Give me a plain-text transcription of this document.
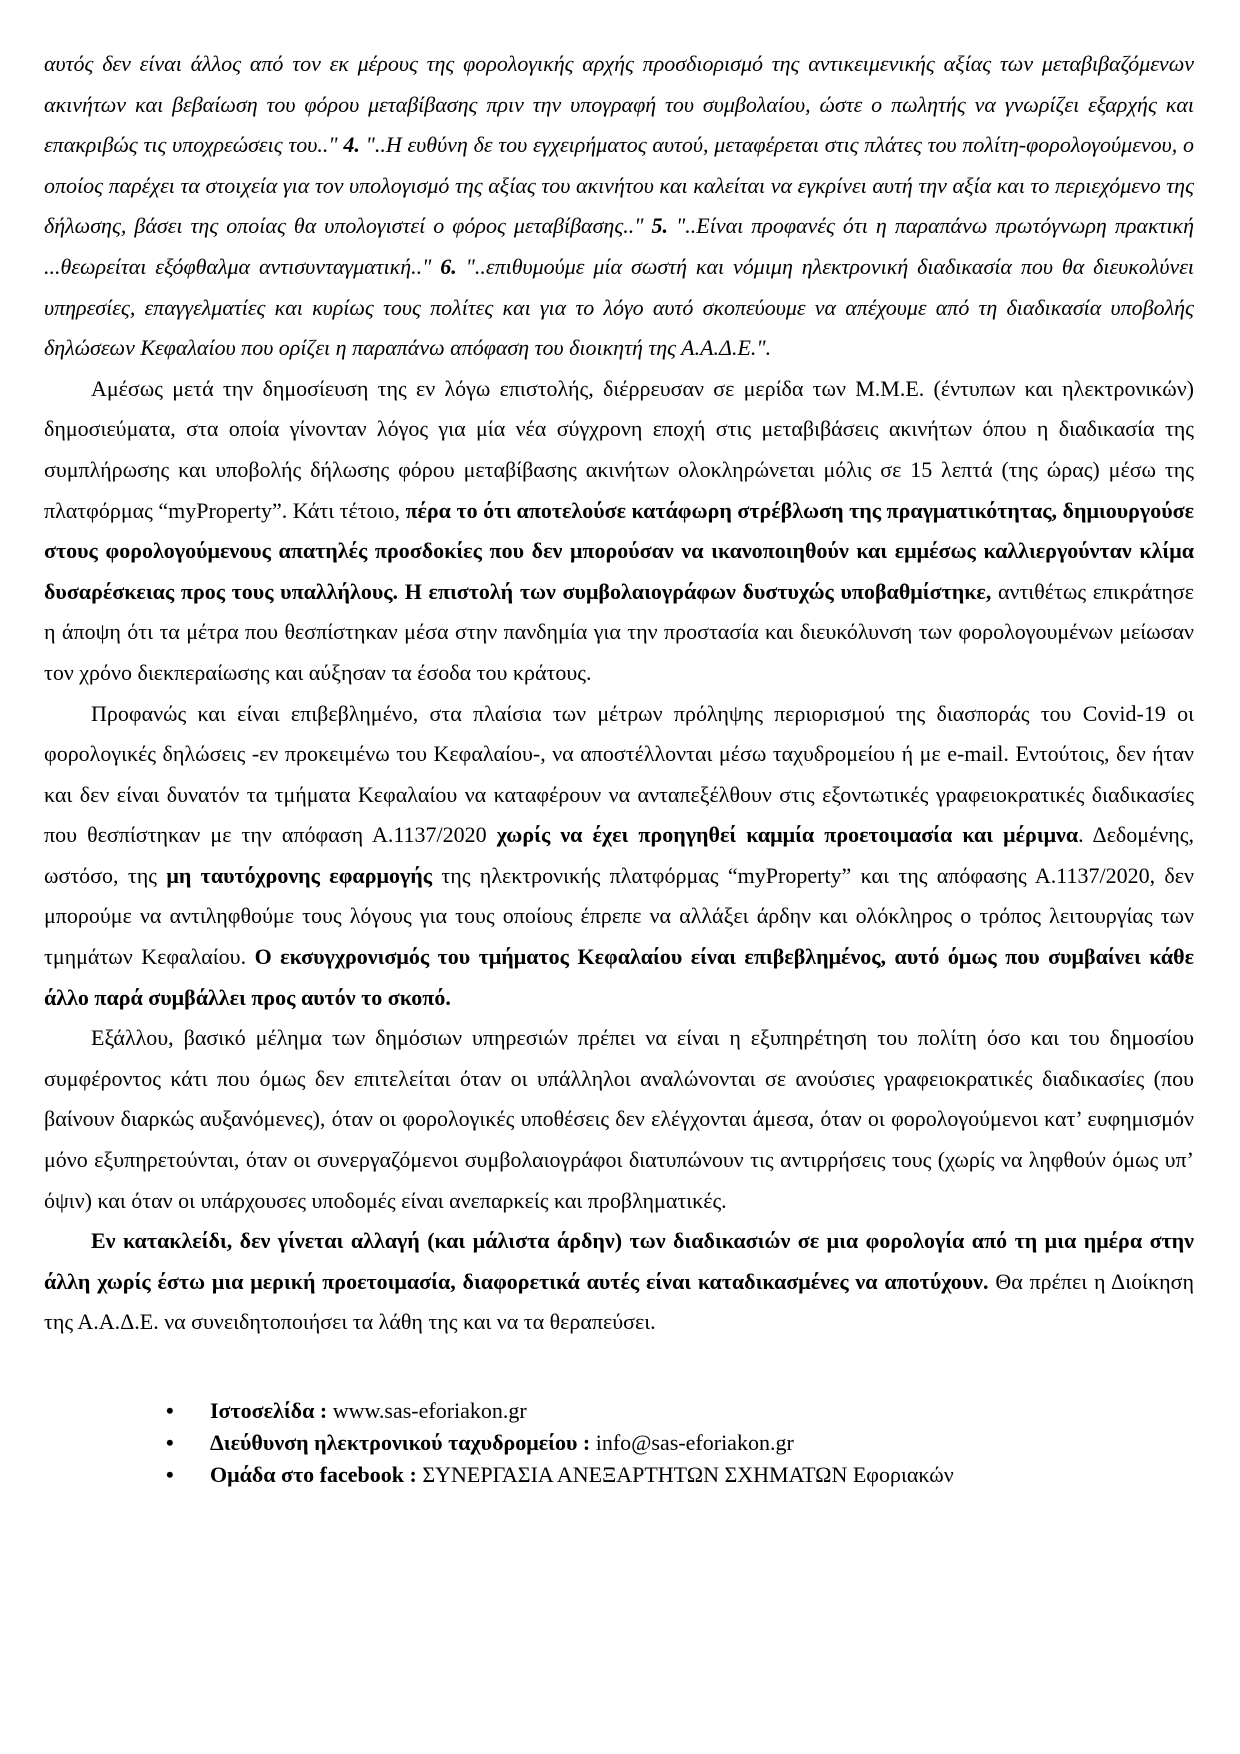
αυτός δεν είναι άλλος από τον εκ μέρους της φορολογικής αρχής προσδιορισμό της αντικειμενικής αξίας των μεταβιβαζόμενων ακινήτων και βεβαίωση του φόρου μεταβίβασης πριν την υπογραφή του συμβολαίου, ώστε ο πωλητής να γνωρίζει εξαρχής και επακριβώς τις υποχρεώσεις του.." 4. "..Η ευθύνη δε του εγχειρήματος αυτού, μεταφέρεται στις πλάτες του πολίτη-φορολογούμενου, ο οποίος παρέχει τα στοιχεία για τον υπολογισμό της αξίας του ακινήτου και καλείται να εγκρίνει αυτή την αξία και το περιεχόμενο της δήλωσης, βάσει της οποίας θα υπολογιστεί ο φόρος μεταβίβασης.." 5. "..Είναι προφανές ότι η παραπάνω πρωτόγνωρη πρακτική ...θεωρείται εξόφθαλμα αντισυνταγματική.." 6. "..επιθυμούμε μία σωστή και νόμιμη ηλεκτρονική διαδικασία που θα διευκολύνει υπηρεσίες, επαγγελματίες και κυρίως τους πολίτες και για το λόγο αυτό σκοπεύουμε να απέχουμε από τη διαδικασία υποβολής δηλώσεων Κεφαλαίου που ορίζει η παραπάνω απόφαση του διοικητή της Α.Α.Δ.Ε.".

Αμέσως μετά την δημοσίευση της εν λόγω επιστολής, διέρρευσαν σε μερίδα των Μ.Μ.Ε. (έντυπων και ηλεκτρονικών) δημοσιεύματα, στα οποία γίνονταν λόγος για μία νέα σύγχρονη εποχή στις μεταβιβάσεις ακινήτων όπου η διαδικασία της συμπλήρωσης και υποβολής δήλωσης φόρου μεταβίβασης ακινήτων ολοκληρώνεται μόλις σε 15 λεπτά (της ώρας) μέσω της πλατφόρμας “myProperty”. Κάτι τέτοιο, πέρα το ότι αποτελούσε κατάφωρη στρέβλωση της πραγματικότητας, δημιουργούσε στους φορολογούμενους απατηλές προσδοκίες που δεν μπορούσαν να ικανοποιηθούν και εμμέσως καλλιεργούνταν κλίμα δυσαρέσκειας προς τους υπαλλήλους. Η επιστολή των συμβολαιογράφων δυστυχώς υποβαθμίστηκε, αντιθέτως επικράτησε η άποψη ότι τα μέτρα που θεσπίστηκαν μέσα στην πανδημία για την προστασία και διευκόλυνση των φορολογουμένων μείωσαν τον χρόνο διεκπεραίωσης και αύξησαν τα έσοδα του κράτους.

Προφανώς και είναι επιβεβλημένο, στα πλαίσια των μέτρων πρόληψης περιορισμού της διασποράς του Covid-19 οι φορολογικές δηλώσεις -εν προκειμένω του Κεφαλαίου-, να αποστέλλονται μέσω ταχυδρομείου ή με e-mail. Εντούτοις, δεν ήταν και δεν είναι δυνατόν τα τμήματα Κεφαλαίου να καταφέρουν να ανταπεξέλθουν στις εξοντωτικές γραφειοκρατικές διαδικασίες που θεσπίστηκαν με την απόφαση Α.1137/2020 χωρίς να έχει προηγηθεί καμμία προετοιμασία και μέριμνα. Δεδομένης, ωστόσο, της μη ταυτόχρονης εφαρμογής της ηλεκτρονικής πλατφόρμας “myProperty” και της απόφασης Α.1137/2020, δεν μπορούμε να αντιληφθούμε τους λόγους για τους οποίους έπρεπε να αλλάξει άρδην και ολόκληρος ο τρόπος λειτουργίας των τμημάτων Κεφαλαίου. Ο εκσυγχρονισμός του τμήματος Κεφαλαίου είναι επιβεβλημένος, αυτό όμως που συμβαίνει κάθε άλλο παρά συμβάλλει προς αυτόν το σκοπό.

Εξάλλου, βασικό μέλημα των δημόσιων υπηρεσιών πρέπει να είναι η εξυπηρέτηση του πολίτη όσο και του δημοσίου συμφέροντος κάτι που όμως δεν επιτελείται όταν οι υπάλληλοι αναλώνονται σε ανούσιες γραφειοκρατικές διαδικασίες (που βαίνουν διαρκώς αυξανόμενες), όταν οι φορολογικές υποθέσεις δεν ελέγχονται άμεσα, όταν οι φορολογούμενοι κατ’ ευφημισμόν μόνο εξυπηρετούνται, όταν οι συνεργαζόμενοι συμβολαιογράφοι διατυπώνουν τις αντιρρήσεις τους (χωρίς να ληφθούν όμως υπ’ όψιν) και όταν οι υπάρχουσες υποδομές είναι ανεπαρκείς και προβληματικές.

Εν κατακλείδι, δεν γίνεται αλλαγή (και μάλιστα άρδην) των διαδικασιών σε μια φορολογία από τη μια ημέρα στην άλλη χωρίς έστω μια μερική προετοιμασία, διαφορετικά αυτές είναι καταδικασμένες να αποτύχουν. Θα πρέπει η Διοίκηση της Α.Α.Δ.Ε. να συνειδητοποιήσει τα λάθη της και να τα θεραπεύσει.

• Ιστοσελίδα : www.sas-eforiakon.gr
• Διεύθυνση ηλεκτρονικού ταχυδρομείου : info@sas-eforiakon.gr
• Ομάδα στο facebook : ΣΥΝΕΡΓΑΣΙΑ ΑΝΕΞΑΡΤΗΤΩΝ ΣΧΗΜΑΤΩΝ Εφοριακών
